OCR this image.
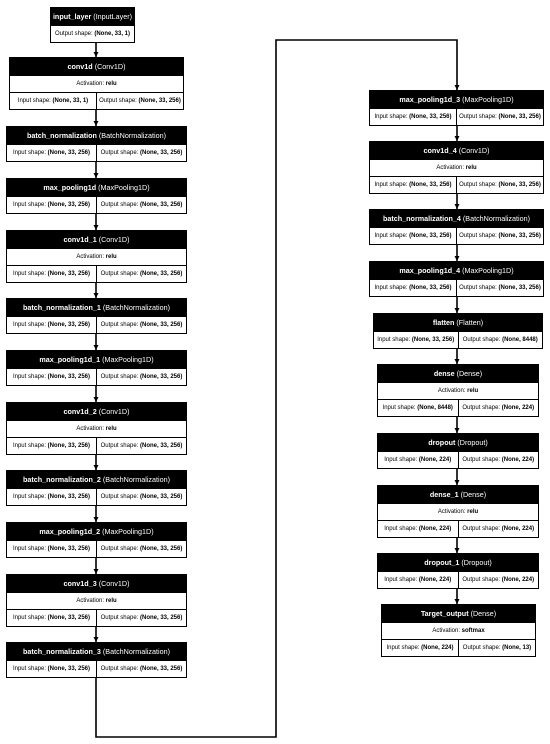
input_layer (InputLayer)
Output shape: (None, 33, 1)
conv1d (Conv1D)
Activation: relu
Input shape: (None, 33, 1)	Output shape: (None, 33, 256)
batch_normalization (BatchNormalization)
Input shape: (None, 33, 256)	Output shape: (None, 33, 256)
max_pooling1d (MaxPooling1D)
Input shape: (None, 33, 256)	Output shape: (None, 33, 256)
conv1d_1 (Conv1D)
Activation: relu
Input shape: (None, 33, 256)	Output shape: (None, 33, 256)
batch_normalization_1 (BatchNormalization)
Input shape: (None, 33, 256)	Output shape: (None, 33, 256)
max_pooling1d_1 (MaxPooling1D)
Input shape: (None, 33, 256)	Output shape: (None, 33, 256)
conv1d_2 (Conv1D)
Activation: relu
Input shape: (None, 33, 256)	Output shape: (None, 33, 256)
batch_normalization_2 (BatchNormalization)
Input shape: (None, 33, 256)	Output shape: (None, 33, 256)
max_pooling1d_2 (MaxPooling1D)
Input shape: (None, 33, 256)	Output shape: (None, 33, 256)
conv1d_3 (Conv1D)
Activation: relu
Input shape: (None, 33, 256)	Output shape: (None, 33, 256)
batch_normalization_3 (BatchNormalization)
Input shape: (None, 33, 256)	Output shape: (None, 33, 256)
max_pooling1d_3 (MaxPooling1D)
Input shape: (None, 33, 256)	Output shape: (None, 33, 256)
conv1d_4 (Conv1D)
Activation: relu
Input shape: (None, 33, 256)	Output shape: (None, 33, 256)
batch_normalization_4 (BatchNormalization)
Input shape: (None, 33, 256)	Output shape: (None, 33, 256)
max_pooling1d_4 (MaxPooling1D)
Input shape: (None, 33, 256)	Output shape: (None, 33, 256)
flatten (Flatten)
Input shape: (None, 33, 256)	Output shape: (None, 8448)
dense (Dense)
Activation: relu
Input shape: (None, 8448)	Output shape: (None, 224)
dropout (Dropout)
Input shape: (None, 224)	Output shape: (None, 224)
dense_1 (Dense)
Activation: relu
Input shape: (None, 224)	Output shape: (None, 224)
dropout_1 (Dropout)
Input shape: (None, 224)	Output shape: (None, 224)
Target_output (Dense)
Activation: softmax
Input shape: (None, 224)	Output shape: (None, 13)
